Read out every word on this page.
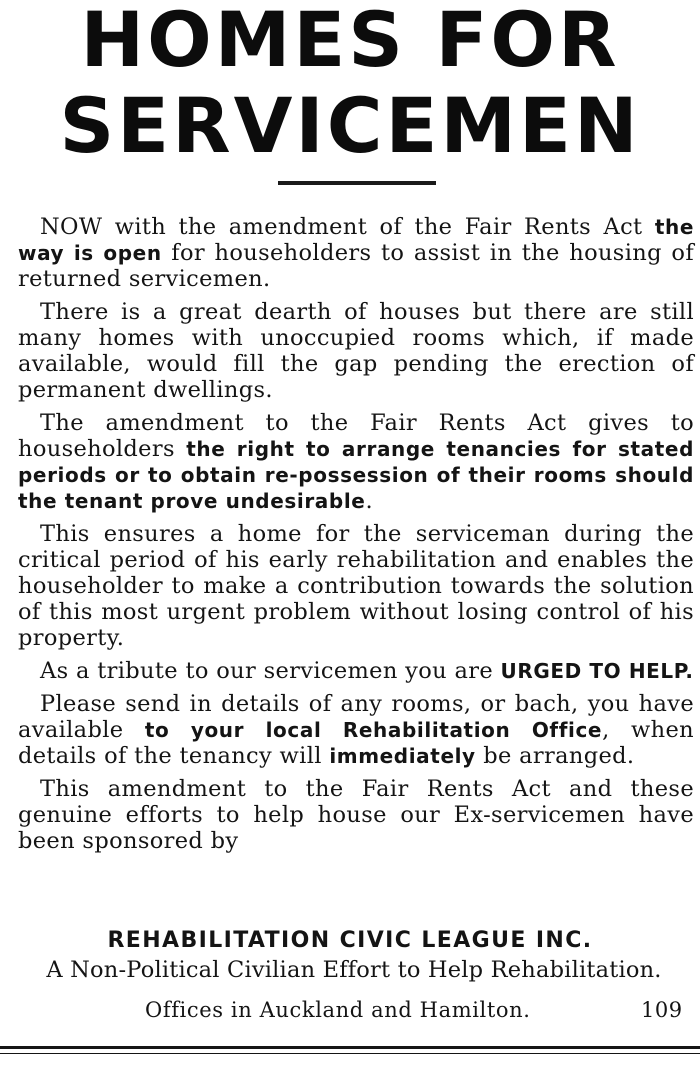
HOMES FOR
SERVICEMEN

NOW with the amendment of the Fair Rents Act the way is open for householders to assist in the housing of returned servicemen.

There is a great dearth of houses but there are still many homes with unoccupied rooms which, if made available, would fill the gap pending the erection of permanent dwellings.

The amendment to the Fair Rents Act gives to householders the right to arrange tenancies for stated periods or to obtain re-possession of their rooms should the tenant prove undesirable.

This ensures a home for the serviceman during the critical period of his early rehabilitation and enables the householder to make a contribution towards the solution of this most urgent problem without losing control of his property.

As a tribute to our servicemen you are URGED TO HELP.

Please send in details of any rooms, or bach, you have available to your local Rehabilitation Office, when details of the tenancy will immediately be arranged.

This amendment to the Fair Rents Act and these genuine efforts to help house our Ex-servicemen have been sponsored by

REHABILITATION CIVIC LEAGUE INC.
A Non-Political Civilian Effort to Help Rehabilitation.
Offices in Auckland and Hamilton.	109
